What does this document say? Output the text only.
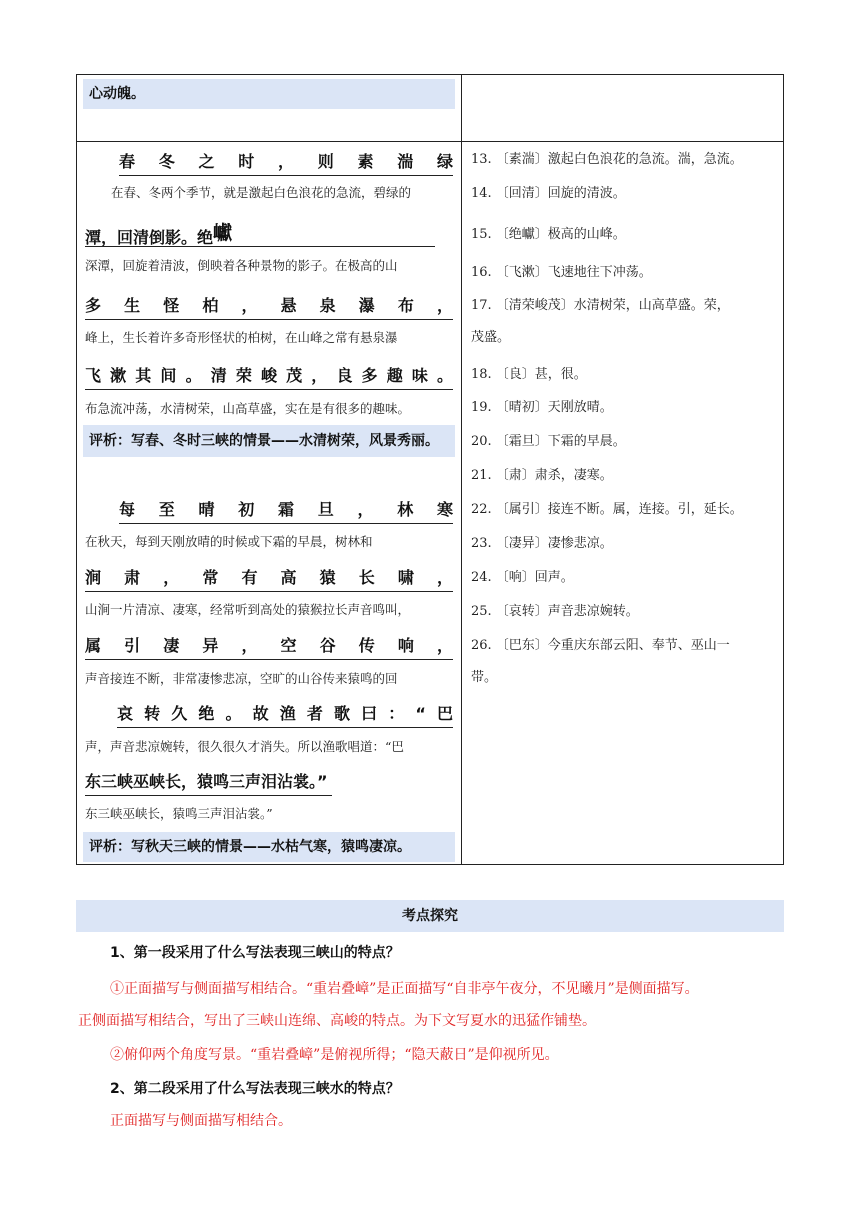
心动魄。
春冬之时，则素湍绿
在春、冬两个季节，就是激起白色浪花的急流，碧绿的
潭，回清倒影。绝巘
深潭，回旋着清波，倒映着各种景物的影子。在极高的山
多生怪柏，悬泉瀑布，
峰上，生长着许多奇形怪状的柏树，在山峰之常有悬泉瀑
飞漱其间。清荣峻茂，良多趣味。
布急流冲荡，水清树荣，山高草盛，实在是有很多的趣味。
评析：写春、冬时三峡的情景——水清树荣，风景秀丽。
每至晴初霜旦，林寒
在秋天，每到天刚放晴的时候或下霜的早晨，树林和
涧肃，常有高猿长啸，
山涧一片清凉、凄寒，经常听到高处的猿猴拉长声音鸣叫，
属引凄异，空谷传响，
声音接连不断，非常凄惨悲凉，空旷的山谷传来猿鸣的回
哀转久绝。故渔者歌曰：“巴
声，声音悲凉婉转，很久很久才消失。所以渔歌唱道：“巴
东三峡巫峡长，猿鸣三声泪沾裳。”
东三峡巫峡长，猿鸣三声泪沾裳。”
评析：写秋天三峡的情景——水枯气寒，猿鸣凄凉。
13. 〔素湍〕激起白色浪花的急流。湍，急流。
14. 〔回清〕回旋的清波。
15. 〔绝巘〕极高的山峰。
16. 〔飞漱〕飞速地往下冲荡。
17. 〔清荣峻茂〕水清树荣，山高草盛。荣，
茂盛。
18. 〔良〕甚，很。
19. 〔晴初〕天刚放晴。
20. 〔霜旦〕下霜的早晨。
21. 〔肃〕肃杀，凄寒。
22. 〔属引〕接连不断。属，连接。引，延长。
23. 〔凄异〕凄惨悲凉。
24. 〔响〕回声。
25. 〔哀转〕声音悲凉婉转。
26. 〔巴东〕今重庆东部云阳、奉节、巫山一
带。
考点探究
1、第一段采用了什么写法表现三峡山的特点？
①正面描写与侧面描写相结合。“重岩叠嶂”是正面描写“自非亭午夜分，不见曦月”是侧面描写。
正侧面描写相结合，写出了三峡山连绵、高峻的特点。为下文写夏水的迅猛作铺垫。
②俯仰两个角度写景。“重岩叠嶂”是俯视所得；“隐天蔽日”是仰视所见。
2、第二段采用了什么写法表现三峡水的特点？
正面描写与侧面描写相结合。
